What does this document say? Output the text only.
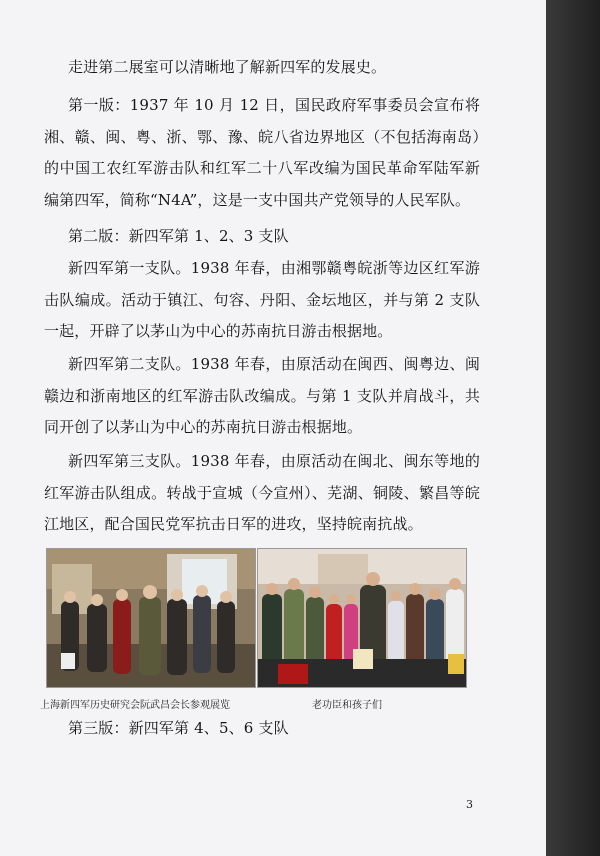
走进第二展室可以清晰地了解新四军的发展史。

第一版：1937 年 10 月 12 日，国民政府军事委员会宣布将湘、赣、闽、粤、浙、鄂、豫、皖八省边界地区（不包括海南岛）的中国工农红军游击队和红军二十八军改编为国民革命军陆军新编第四军，简称“N4A”，这是一支中国共产党领导的人民军队。

第二版：新四军第 1、2、3 支队

新四军第一支队。1938 年春，由湘鄂赣粤皖浙等边区红军游击队编成。活动于镇江、句容、丹阳、金坛地区，并与第 2 支队一起，开辟了以茅山为中心的苏南抗日游击根据地。

新四军第二支队。1938 年春，由原活动在闽西、闽粤边、闽赣边和浙南地区的红军游击队改编成。与第 1 支队并肩战斗，共同开创了以茅山为中心的苏南抗日游击根据地。

新四军第三支队。1938 年春，由原活动在闽北、闽东等地的红军游击队组成。转战于宣城（今宣州）、芜湖、铜陵、繁昌等皖江地区，配合国民党军抗击日军的进攻，坚持皖南抗战。

上海新四军历史研究会阮武昌会长参观展览	老功臣和孩子们

第三版：新四军第 4、5、6 支队

3
